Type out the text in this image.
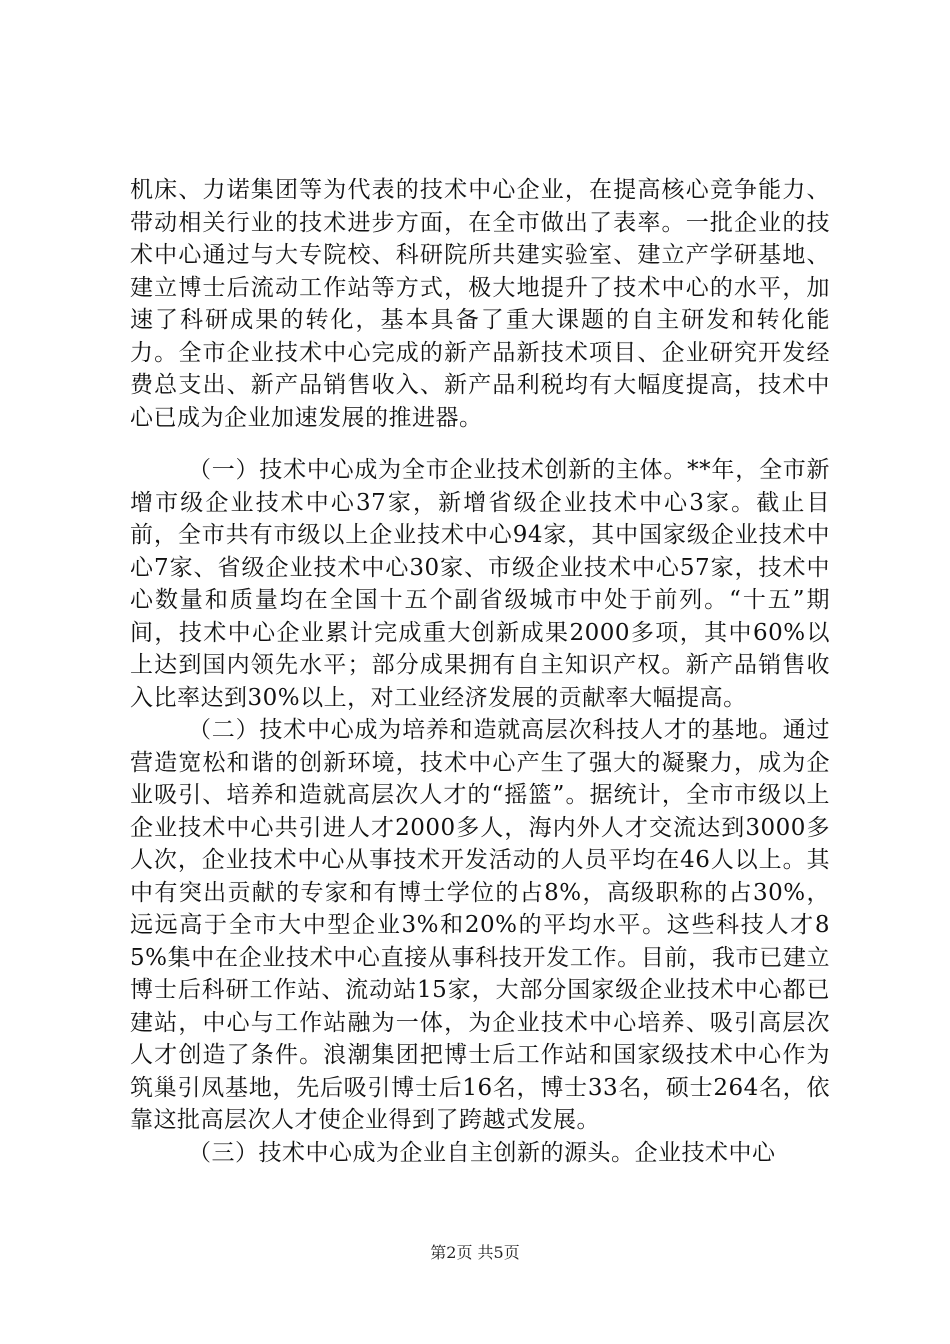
机床、力诺集团等为代表的技术中心企业，在提高核心竞争能力、带动相关行业的技术进步方面，在全市做出了表率。一批企业的技术中心通过与大专院校、科研院所共建实验室、建立产学研基地、建立博士后流动工作站等方式，极大地提升了技术中心的水平，加速了科研成果的转化，基本具备了重大课题的自主研发和转化能力。全市企业技术中心完成的新产品新技术项目、企业研究开发经费总支出、新产品销售收入、新产品利税均有大幅度提高，技术中心已成为企业加速发展的推进器。

（一）技术中心成为全市企业技术创新的主体。**年，全市新增市级企业技术中心37家，新增省级企业技术中心3家。截止目前，全市共有市级以上企业技术中心94家，其中国家级企业技术中心7家、省级企业技术中心30家、市级企业技术中心57家，技术中心数量和质量均在全国十五个副省级城市中处于前列。“十五”期间，技术中心企业累计完成重大创新成果2000多项，其中60%以上达到国内领先水平；部分成果拥有自主知识产权。新产品销售收入比率达到30%以上，对工业经济发展的贡献率大幅提高。

（二）技术中心成为培养和造就高层次科技人才的基地。通过营造宽松和谐的创新环境，技术中心产生了强大的凝聚力，成为企业吸引、培养和造就高层次人才的“摇篮”。据统计，全市市级以上企业技术中心共引进人才2000多人，海内外人才交流达到3000多人次，企业技术中心从事技术开发活动的人员平均在46人以上。其中有突出贡献的专家和有博士学位的占8%，高级职称的占30%，远远高于全市大中型企业3%和20%的平均水平。这些科技人才85%集中在企业技术中心直接从事科技开发工作。目前，我市已建立博士后科研工作站、流动站15家，大部分国家级企业技术中心都已建站，中心与工作站融为一体，为企业技术中心培养、吸引高层次人才创造了条件。浪潮集团把博士后工作站和国家级技术中心作为筑巢引凤基地，先后吸引博士后16名，博士33名，硕士264名，依靠这批高层次人才使企业得到了跨越式发展。

（三）技术中心成为企业自主创新的源头。企业技术中心

第2页 共5页
